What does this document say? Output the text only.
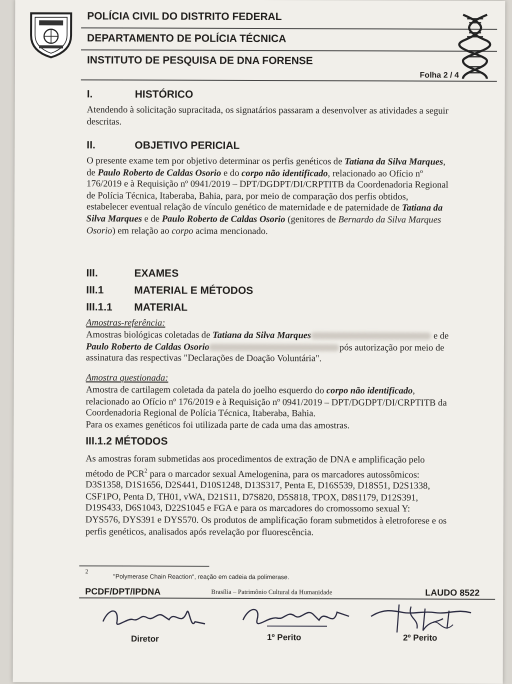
POLÍCIA CIVIL DO DISTRITO FEDERAL
DEPARTAMENTO DE POLÍCIA TÉCNICA
INSTITUTO DE PESQUISA DE DNA FORENSE
Folha 2 / 4
I.	HISTÓRICO
Atendendo à solicitação supracitada, os signatários passaram a desenvolver as atividades a seguir
descritas.
II.	OBJETIVO PERICIAL
O presente exame tem por objetivo determinar os perfis genéticos de Tatiana da Silva Marques,
de Paulo Roberto de Caldas Osorio e do corpo não identificado, relacionado ao Ofício nº
176/2019 e à Requisição nº 0941/2019 – DPT/DGDPT/DI/CRPTITB da Coordenadoria Regional
de Polícia Técnica, Itaberaba, Bahia, para, por meio de comparação dos perfis obtidos,
estabelecer eventual relação de vínculo genético de maternidade e de paternidade de Tatiana da
Silva Marques e de Paulo Roberto de Caldas Osorio (genitores de Bernardo da Silva Marques
Osorio) em relação ao corpo acima mencionado.
III.	EXAMES
III.1	MATERIAL E MÉTODOS
III.1.1 MATERIAL
Amostras-referência:
Amostras biológicas coletadas de Tatiana da Silva Marques	e de
Paulo Roberto de Caldas Osorio	pós autorização por meio de
assinatura das respectivas "Declarações de Doação Voluntária".
Amostra questionada:
Amostra de cartilagem coletada da patela do joelho esquerdo do corpo não identificado,
relacionado ao Ofício nº 176/2019 e à Requisição nº 0941/2019 – DPT/DGDPT/DI/CRPTITB da
Coordenadoria Regional de Polícia Técnica, Itaberaba, Bahia.
Para os exames genéticos foi utilizada parte de cada uma das amostras.
III.1.2 MÉTODOS
As amostras foram submetidas aos procedimentos de extração de DNA e amplificação pelo
método de PCR$^2$ para o marcador sexual Amelogenina, para os marcadores autossômicos:
D3S1358, D1S1656, D2S441, D10S1248, D13S317, Penta E, D16S539, D18S51, D2S1338,
CSF1PO, Penta D, TH01, vWA, D21S11, D7S820, D5S818, TPOX, D8S1179, D12S391,
D19S433, D6S1043, D22S1045 e FGA e para os marcadores do cromossomo sexual Y:
DYS576, DYS391 e DYS570. Os produtos de amplificação foram submetidos à eletroforese e os
perfis genéticos, analisados após revelação por fluorescência.
2
"Polymerase Chain Reaction", reação em cadeia da polimerase.
PCDF/DPT/IPDNA	Brasília – Patrimônio Cultural da Humanidade	LAUDO 8522
Diretor	1º Perito	2º Perito
